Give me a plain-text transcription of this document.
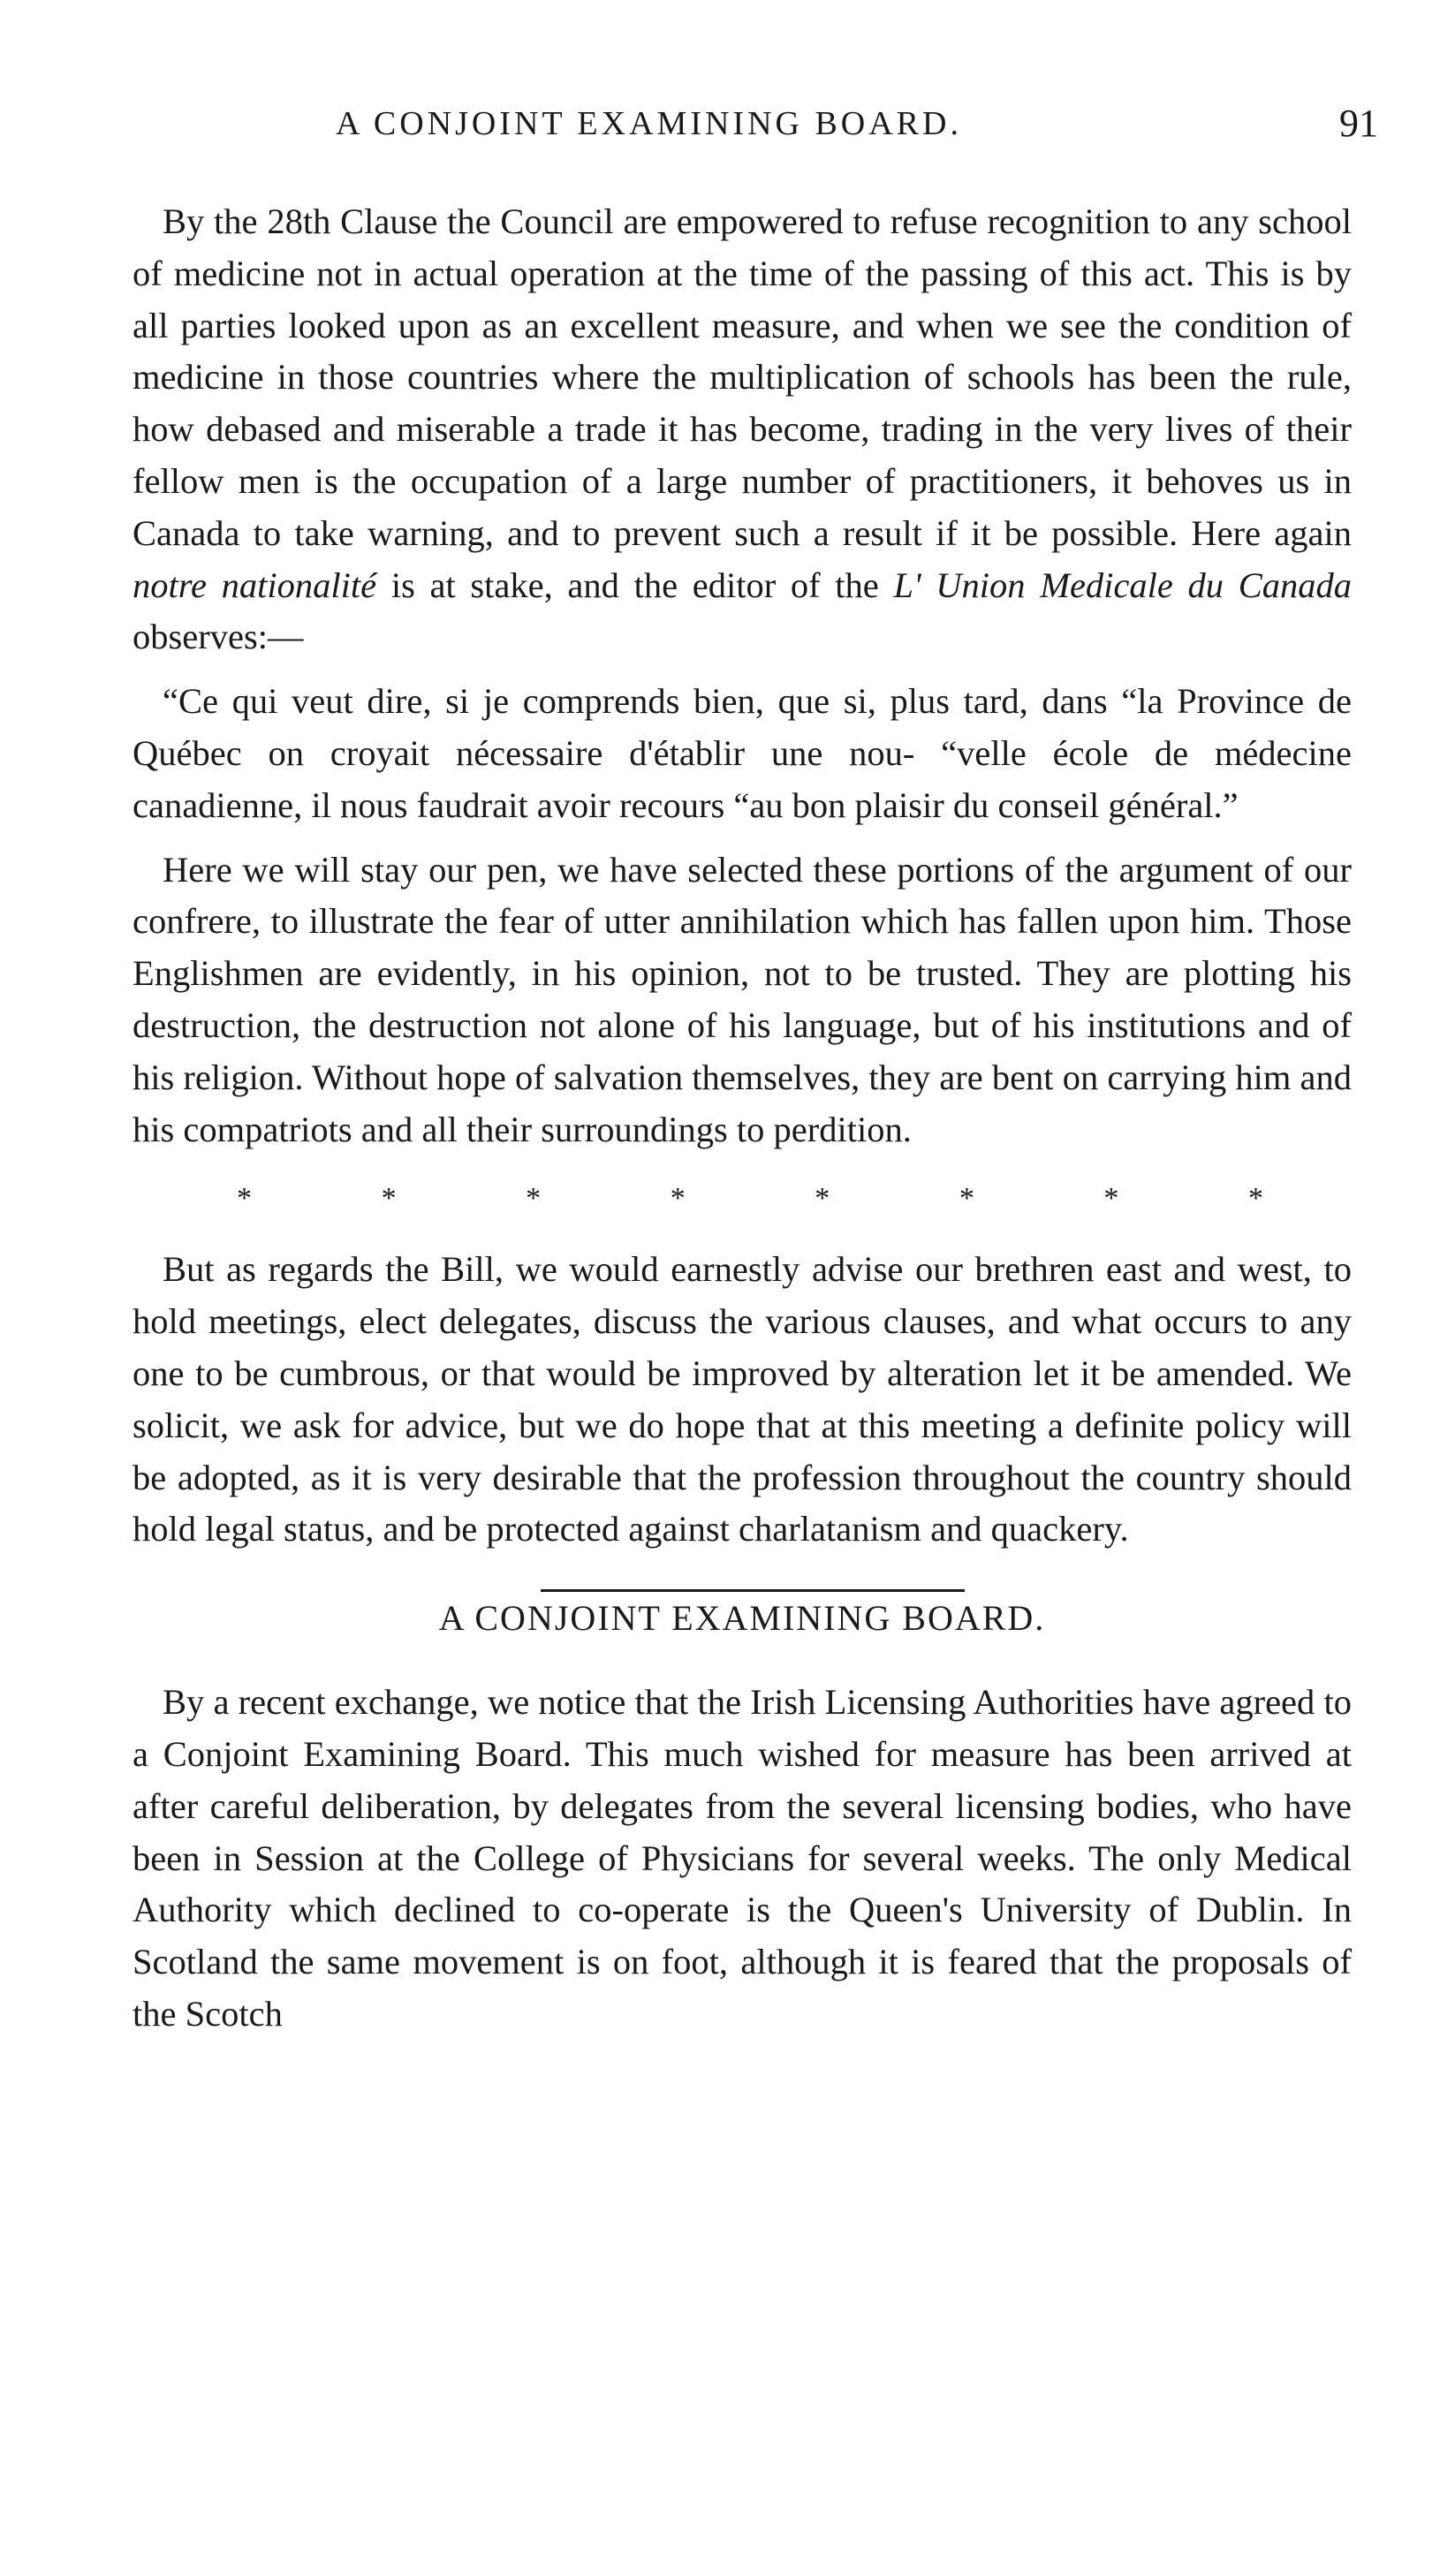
A CONJOINT EXAMINING BOARD.	91

By the 28th Clause the Council are empowered to refuse recognition to any school of medicine not in actual operation at the time of the passing of this act. This is by all parties looked upon as an excellent measure, and when we see the condition of medicine in those countries where the multiplication of schools has been the rule, how debased and miserable a trade it has become, trading in the very lives of their fellow men is the occupation of a large number of practitioners, it behoves us in Canada to take warning, and to prevent such a result if it be possible. Here again notre nationalité is at stake, and the editor of the L' Union Medicale du Canada observes:—

“Ce qui veut dire, si je comprends bien, que si, plus tard, dans “la Province de Québec on croyait nécessaire d'établir une nou- “velle école de médecine canadienne, il nous faudrait avoir recours “au bon plaisir du conseil général.”

Here we will stay our pen, we have selected these portions of the argument of our confrere, to illustrate the fear of utter annihilation which has fallen upon him. Those Englishmen are evidently, in his opinion, not to be trusted. They are plotting his destruction, the destruction not alone of his language, but of his institutions and of his religion. Without hope of salvation themselves, they are bent on carrying him and his compatriots and all their surroundings to perdition.

*	*	*	*	*	*	*	*

But as regards the Bill, we would earnestly advise our brethren east and west, to hold meetings, elect delegates, discuss the various clauses, and what occurs to any one to be cumbrous, or that would be improved by alteration let it be amended. We solicit, we ask for advice, but we do hope that at this meeting a definite policy will be adopted, as it is very desirable that the profession throughout the country should hold legal status, and be protected against charlatanism and quackery.

A CONJOINT EXAMINING BOARD.

By a recent exchange, we notice that the Irish Licensing Authorities have agreed to a Conjoint Examining Board. This much wished for measure has been arrived at after careful deliberation, by delegates from the several licensing bodies, who have been in Session at the College of Physicians for several weeks. The only Medical Authority which declined to co-operate is the Queen's University of Dublin. In Scotland the same movement is on foot, although it is feared that the proposals of the Scotch
